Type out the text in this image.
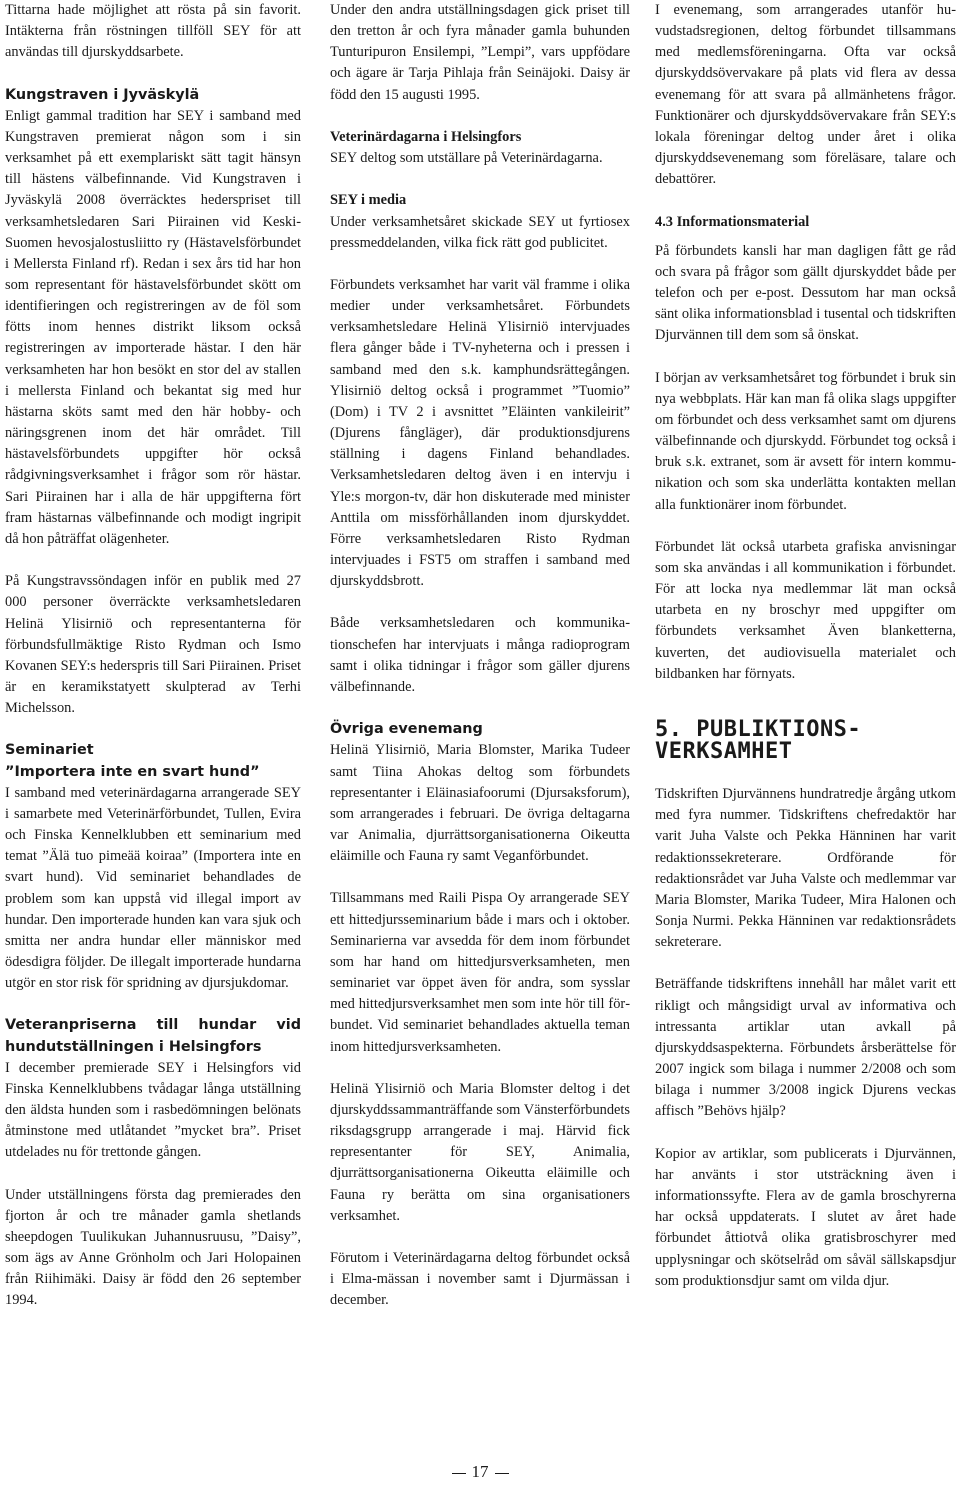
Tittarna hade möjlighet att rösta på sin favorit. Intäkterna från röstningen tillföll SEY för att användas till djurskyddsarbete.

Kungstraven i Jyväskylä

Enligt gammal tradition har SEY i samband med Kungstraven premierat någon som i sin verksamhet på ett exemplariskt sätt tagit hänsyn till hästens välbefinnande. Vid Kungstraven i Jyväskylä 2008 överräcktes hederspriset till verksamhetsledaren Sari Piirainen vid Keski-Suomen hevosjalostusliitto ry (Hästavelsförbundet i Mellersta Finland rf). Redan i sex års tid har hon som representant för hästavelsförbundet skött om identifieringen och registreringen av de föl som fötts inom hennes distrikt liksom också registreringen av importerade hästar. I den här verksamheten har hon besökt en stor del av stallen i mellersta Finland och bekantat sig med hur hästarna sköts samt med den här hobby- och näringsgrenen inom det här området. Till hästavelsförbundets uppgifter hör också rådgivningsverksamhet i frågor som rör hästar. Sari Piirainen har i alla de här uppgifterna fört fram hästarnas välbefinnande och modigt ingripit då hon påträffat olägenheter.

På Kungstravssöndagen inför en publik med 27 000 personer överräckte verksamhetsledaren Helinä Ylisirniö och representanterna för förbundsfullmäktige Risto Rydman och Ismo Kovanen SEY:s hederspris till Sari Piirainen. Priset är en keramikstatyett skulpterad av Terhi Michelsson.

Seminariet
”Importera inte en svart hund”

I samband med veterinärdagarna arrangerade SEY i samarbete med Veterinärförbundet, Tullen, Evira och Finska Kennelklubben ett seminarium med temat ”Älä tuo pimeää koiraa” (Importera inte en svart hund). Vid seminariet behandlades de problem som kan uppstå vid illegal import av hundar. Den importerade hunden kan vara sjuk och smitta ner andra hundar eller människor med ödesdigra följder. De illegalt importerade hundarna utgör en stor risk för spridning av djursjukdomar.

Veteranpriserna till hundar vid hundutställningen i Helsingfors

I december premierade SEY i Helsingfors vid Finska Kennelklubbens tvådagar långa utställning den äldsta hunden som i rasbedömningen belönats åtminstone med utlåtandet ”mycket bra”. Priset utdelades nu för trettonde gången.

Under utställningens första dag premierades den fjorton år och tre månader gamla shetlands sheepdogen Tuulikukan Juhannusruusu, ”Daisy”, som ägs av Anne Grönholm och Jari Holopainen från Riihimäki. Daisy är född den 26 september 1994.

Under den andra utställningsdagen gick priset till den tretton år och fyra månader gamla buhunden Tunturipuron Ensilempi, ”Lempi”, vars uppfödare och ägare är Tarja Pihlaja från Seinäjoki. Daisy är född den 15 augusti 1995.

Veterinärdagarna i Helsingfors

SEY deltog som utställare på Veterinärdagarna.

SEY i media

Under verksamhetsåret skickade SEY ut fyrtiosex pressmeddelanden, vilka fick rätt god publicitet.

Förbundets verksamhet har varit väl framme i olika medier under verksamhetsåret. Förbundets verksamhetsledare Helinä Ylisirniö intervjuades flera gånger både i TV-nyheterna och i pressen i samband med den s.k. kamphundsrättegången. Ylisirniö deltog också i programmet ”Tuomio” (Dom) i TV 2 i avsnittet ”Eläinten vankileirit” (Djurens fångläger), där produktionsdjurens ställning i dagens Finland behandlades. Verksamhetsledaren deltog även i en intervju i Yle:s morgon-tv, där hon diskuterade med minister Anttila om missförhållanden inom djurskyddet. Förre verksamhetsledaren Risto Rydman intervjuades i FST5 om straffen i samband med djurskyddsbrott.

Både verksamhetsledaren och kommunikationschefen har intervjuats i många radioprogram samt i olika tidningar i frågor som gäller djurens välbefinnande.

Övriga evenemang

Helinä Ylisirniö, Maria Blomster, Marika Tudeer samt Tiina Ahokas deltog som förbundets representanter i Eläinasiafoorumi (Djursaksforum), som arrangerades i februari. De övriga deltagarna var Animalia, djurrättsorganisationerna Oikeutta eläimille och Fauna ry samt Veganförbundet.

Tillsammans med Raili Pispa Oy arrangerade SEY ett hittedjursseminarium både i mars och i oktober. Seminarierna var avsedda för dem inom förbundet som har hand om hittedjursverksamheten, men seminariet var öppet även för andra, som sysslar med hittedjursverksamhet men som inte hör till förbundet. Vid seminariet behandlades aktuella teman inom hittedjursverksamheten.

Helinä Ylisirniö och Maria Blomster deltog i det djurskyddssammanträffande som Vänsterförbundets riksdagsgrupp arrangerade i maj. Härvid fick representanter för SEY, Animalia, djurrättsorganisationerna Oikeutta eläimille och Fauna ry berätta om sina organisationers verksamhet.

Förutom i Veterinärdagarna deltog förbundet också i Elma-mässan i november samt i Djurmässan i december.

I evenemang, som arrangerades utanför huvudstadsregionen, deltog förbundet tillsammans med medlemsföreningarna. Ofta var också djurskyddsövervakare på plats vid flera av dessa evenemang för att svara på allmänhetens frågor. Funktionärer och djurskyddsövervakare från SEY:s lokala föreningar deltog under året i olika djurskyddsevenemang som föreläsare, talare och debattörer.

4.3 Informationsmaterial

På förbundets kansli har man dagligen fått ge råd och svara på frågor som gällt djurskyddet både per telefon och per e-post. Dessutom har man också sänt olika informationsblad i tusental och tidskriften Djurvännen till dem som så önskat.

I början av verksamhetsåret tog förbundet i bruk sin nya webbplats. Här kan man få olika slags uppgifter om förbundet och dess verksamhet samt om djurens välbefinnande och djurskydd. Förbundet tog också i bruk s.k. extranet, som är avsett för intern kommunikation och som ska underlätta kontakten mellan alla funktionärer inom förbundet.

Förbundet lät också utarbeta grafiska anvisningar som ska användas i all kommunikation i förbundet. För att locka nya medlemmar lät man också utarbeta en ny broschyr med uppgifter om förbundets verksamhet Även blanketterna, kuverten, det audiovisuella materialet och bildbanken har förnyats.

5. PUBLIKTIONS- VERKSAMHET

Tidskriften Djurvännens hundratredje årgång utkom med fyra nummer. Tidskriftens chefredaktör har varit Juha Valste och Pekka Hänninen har varit redaktionssekreterare. Ordförande för redaktionsrådet var Juha Valste och medlemmar var Maria Blomster, Marika Tudeer, Mira Halonen och Sonja Nurmi. Pekka Hänninen var redaktionsrådets sekreterare.

Beträffande tidskriftens innehåll har målet varit ett rikligt och mångsidigt urval av informativa och intressanta artiklar utan avkall på djurskyddsaspekterna. Förbundets årsberättelse för 2007 ingick som bilaga i nummer 2/2008 och som bilaga i nummer 3/2008 ingick Djurens veckas affisch ”Behövs hjälp?

Kopior av artiklar, som publicerats i Djurvännen, har använts i stor utsträckning även i informationssyfte. Flera av de gamla broschyrerna har också uppdaterats. I slutet av året hade förbundet åttiotvå olika gratisbroschyrer med upplysningar och skötselråd om såväl sällskapsdjur som produktionsdjur samt om vilda djur.

17
